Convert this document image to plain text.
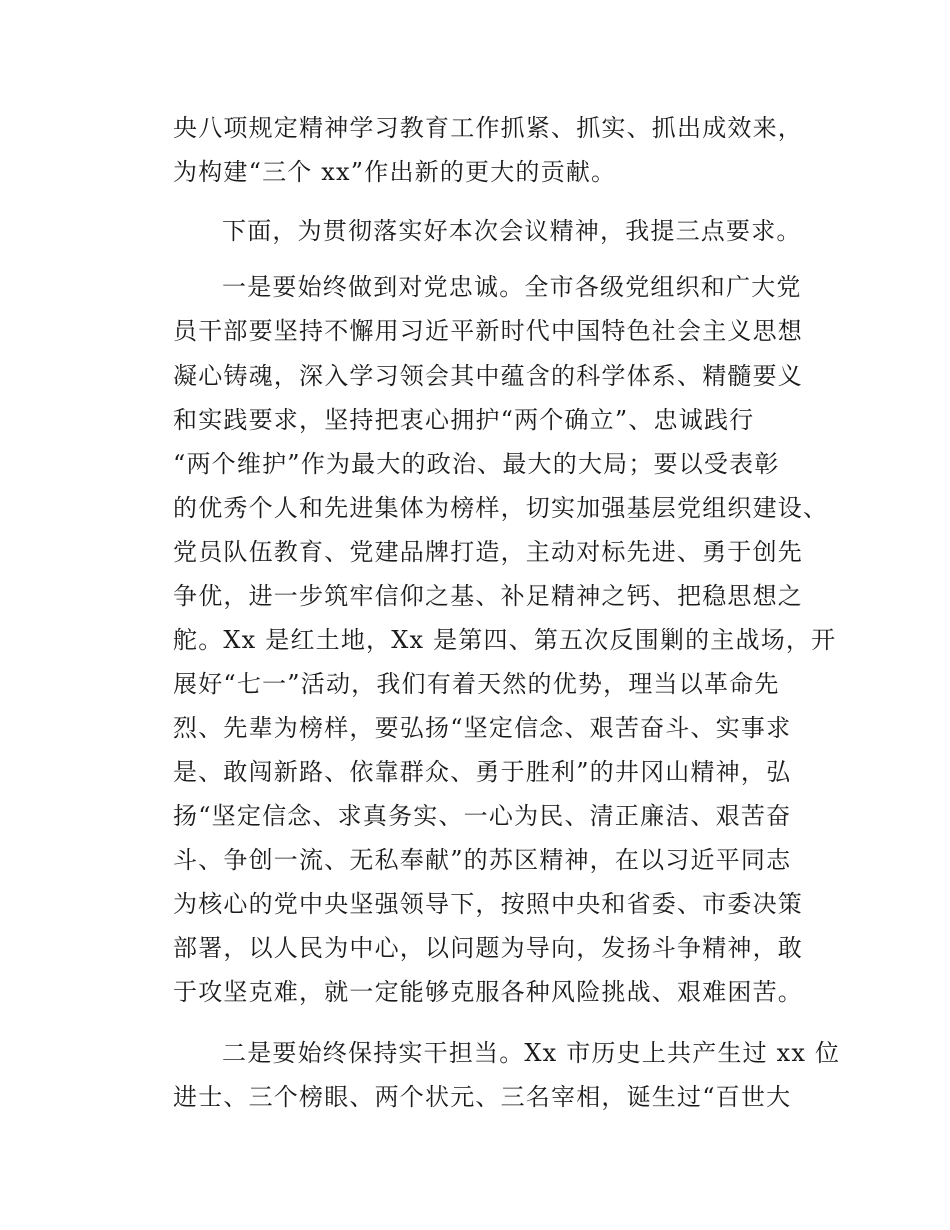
央八项规定精神学习教育工作抓紧、抓实、抓出成效来，
为构建“三个 xx”作出新的更大的贡献。
下面，为贯彻落实好本次会议精神，我提三点要求。
一是要始终做到对党忠诚。全市各级党组织和广大党
员干部要坚持不懈用习近平新时代中国特色社会主义思想
凝心铸魂，深入学习领会其中蕴含的科学体系、精髓要义
和实践要求，坚持把衷心拥护“两个确立”、忠诚践行
“两个维护”作为最大的政治、最大的大局；要以受表彰
的优秀个人和先进集体为榜样，切实加强基层党组织建设、
党员队伍教育、党建品牌打造，主动对标先进、勇于创先
争优，进一步筑牢信仰之基、补足精神之钙、把稳思想之
舵。Xx 是红土地，Xx 是第四、第五次反围剿的主战场，开
展好“七一”活动，我们有着天然的优势，理当以革命先
烈、先辈为榜样，要弘扬“坚定信念、艰苦奋斗、实事求
是、敢闯新路、依靠群众、勇于胜利”的井冈山精神，弘
扬“坚定信念、求真务实、一心为民、清正廉洁、艰苦奋
斗、争创一流、无私奉献”的苏区精神，在以习近平同志
为核心的党中央坚强领导下，按照中央和省委、市委决策
部署，以人民为中心，以问题为导向，发扬斗争精神，敢
于攻坚克难，就一定能够克服各种风险挑战、艰难困苦。
二是要始终保持实干担当。Xx 市历史上共产生过 xx 位
进士、三个榜眼、两个状元、三名宰相，诞生过“百世大
